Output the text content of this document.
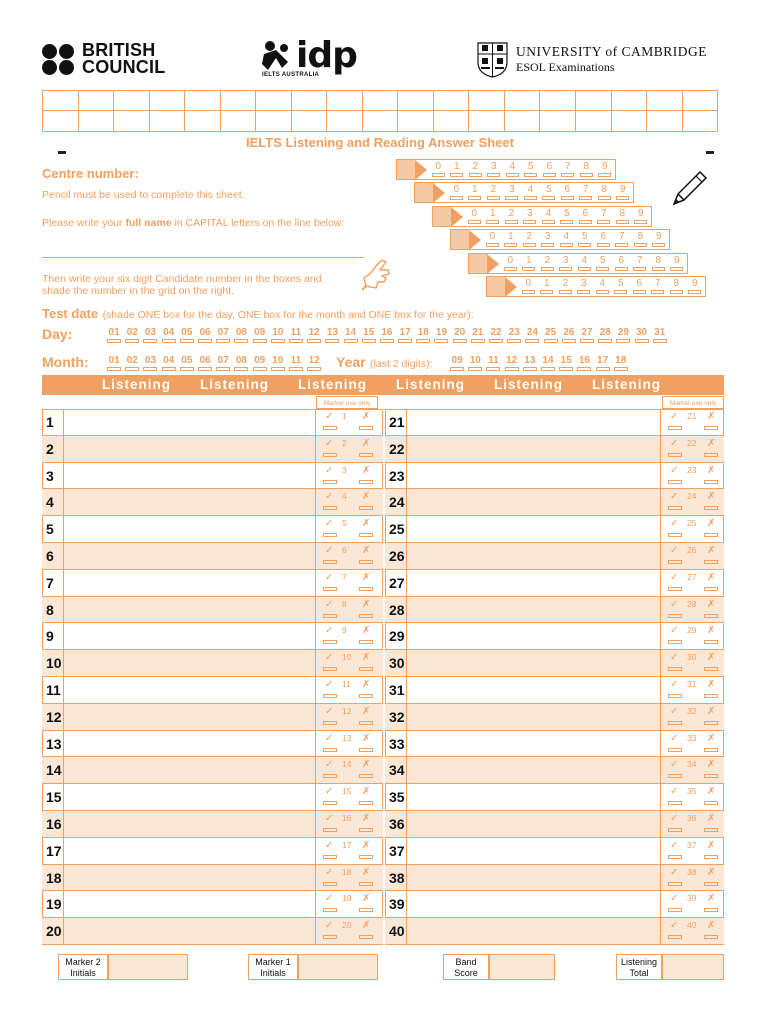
BRITISH
COUNCIL	idp
IELTS AUSTRALIA
UNIVERSITY of CAMBRIDGE
ESOL Examinations
IELTS Listening and Reading Answer Sheet
Centre number:
Pencil must be used to complete this sheet.
Please write your full name in CAPITAL letters on the line below:
Then write your six digit Candidate number in the boxes and
shade the number in the grid on the right.
0	1	2	3	4	5	6	7	8	9
0	1	2	3	4	5	6	7	8	9
0	1	2	3	4	5	6	7	8	9
0	1	2	3	4	5	6	7	8	9
0	1	2	3	4	5	6	7	8	9
0	1	2	3	4	5	6	7	8	9
Test date (shade ONE box for the day, ONE box for the month and ONE box for the year):
Day:	01 02 03 04 05 06 07 08 09 10 11 12 13 14 15 16 17 18 19 20 21 22 23 24 25 26 27 28 29 30 31
Month:	01 02 03 04 05 06 07 08 09 10 11 12 Year (last 2 digits):	09 10 11 12 13 14 15 16 17 18
Listening Listening Listening Listening Listening Listening
Marker use only	Marker use only
1	✓ 1 ✗
2	✓ 2 ✗
3	✓ 3 ✗
4	✓ 4 ✗
5	✓ 5 ✗
6	✓ 6 ✗
7	✓ 7 ✗
8	✓ 8 ✗
9	✓ 9 ✗
10	✓ 10 ✗
11	✓ 11 ✗
12	✓ 12 ✗
13	✓ 13 ✗
14	✓ 14 ✗
15	✓ 15 ✗
16	✓ 16 ✗
17	✓ 17 ✗
18	✓ 18 ✗
19	✓ 19 ✗
20	✓ 20 ✗
21	✓ 21 ✗
22	✓ 22 ✗
23	✓ 23 ✗
24	✓ 24 ✗
25	✓ 25 ✗
26	✓ 26 ✗
27	✓ 27 ✗
28	✓ 28 ✗
29	✓ 29 ✗
30	✓ 30 ✗
31	✓ 31 ✗
32	✓ 32 ✗
33	✓ 33 ✗
34	✓ 34 ✗
35	✓ 35 ✗
36	✓ 36 ✗
37	✓ 37 ✗
38	✓ 38 ✗
39	✓ 39 ✗
40	✓ 40 ✗
Marker 2 Initials
Marker 1 Initials
Band Score
Listening Total
